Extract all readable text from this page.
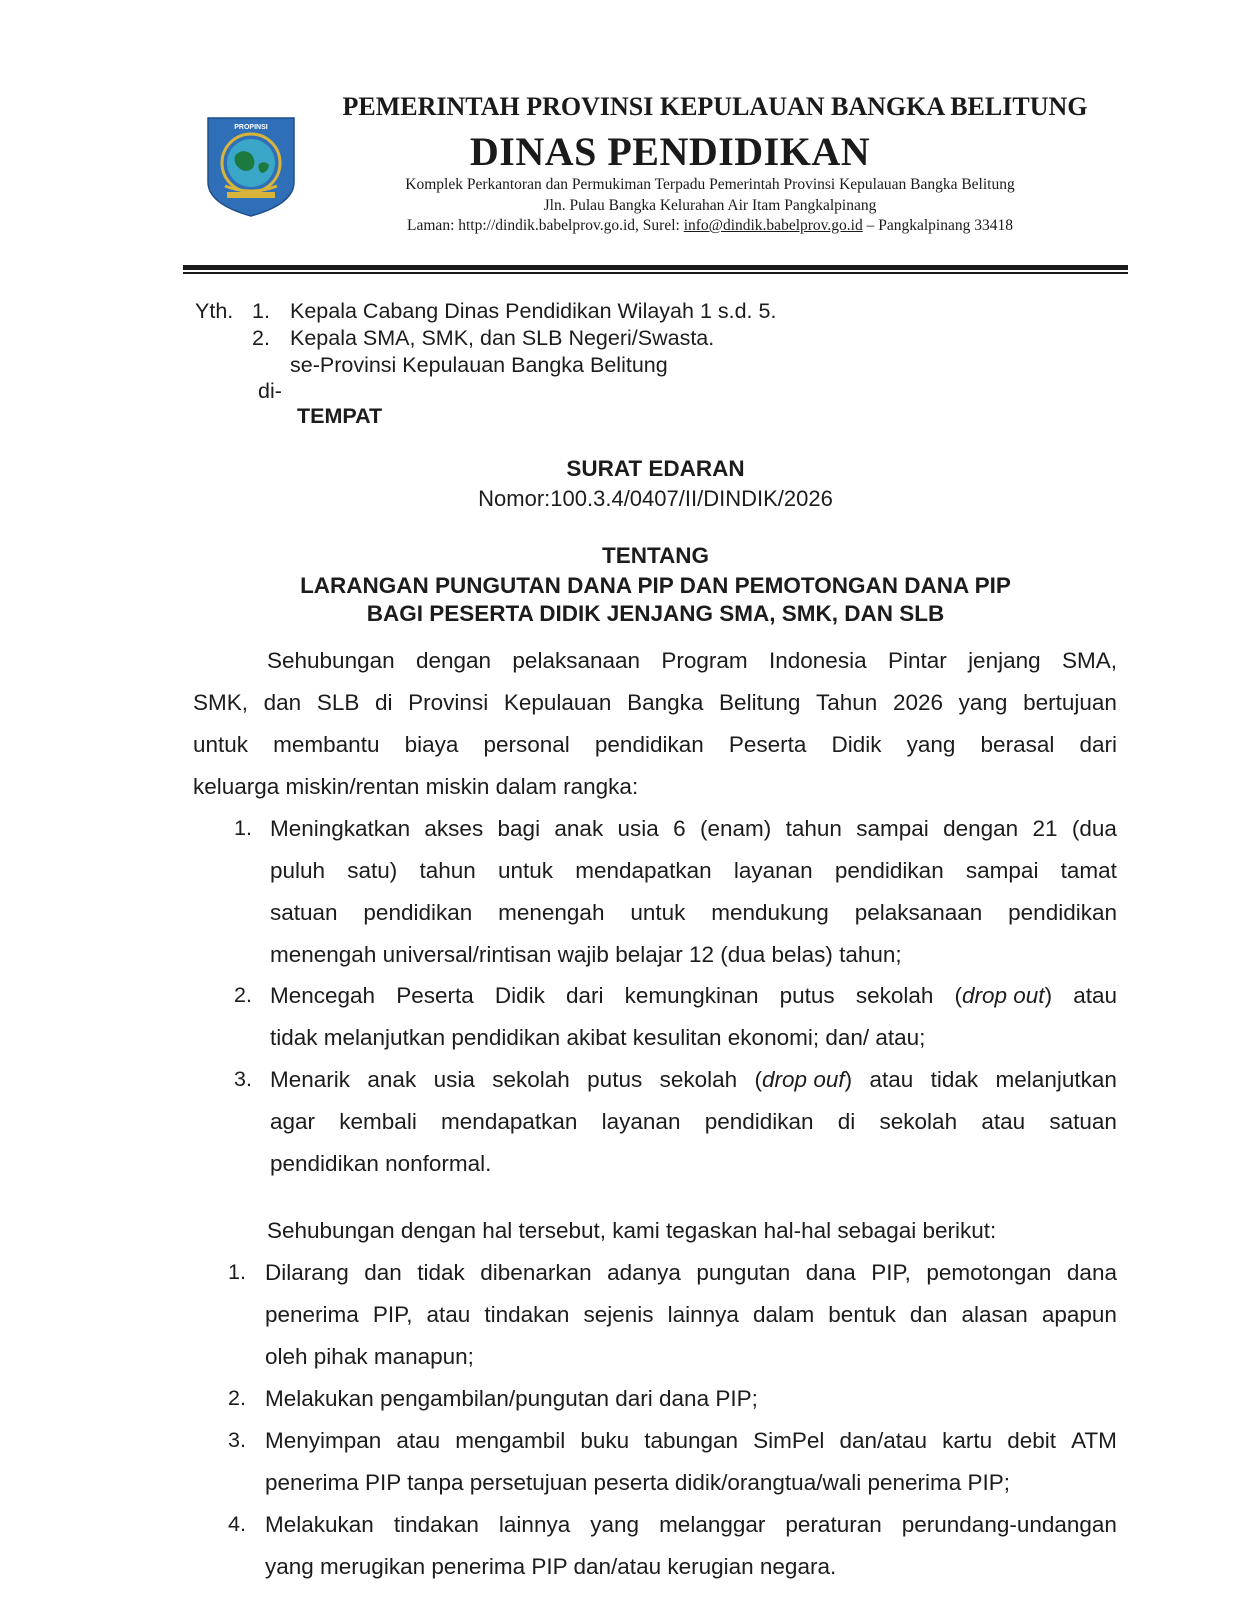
PROPINSI
PEMERINTAH PROVINSI KEPULAUAN BANGKA BELITUNG
DINAS PENDIDIKAN
Komplek Perkantoran dan Permukiman Terpadu Pemerintah Provinsi Kepulauan Bangka Belitung
Jln. Pulau Bangka Kelurahan Air Itam Pangkalpinang
Laman: http://dindik.babelprov.go.id, Surel: info@dindik.babelprov.go.id – Pangkalpinang 33418
Yth. 1. Kepala Cabang Dinas Pendidikan Wilayah 1 s.d. 5.
2. Kepala SMA, SMK, dan SLB Negeri/Swasta.
se-Provinsi Kepulauan Bangka Belitung
di-
TEMPAT
SURAT EDARAN
Nomor:100.3.4/0407/II/DINDIK/2026
TENTANG
LARANGAN PUNGUTAN DANA PIP DAN PEMOTONGAN DANA PIP
BAGI PESERTA DIDIK JENJANG SMA, SMK, DAN SLB
Sehubungan dengan pelaksanaan Program Indonesia Pintar jenjang SMA,
SMK, dan SLB di Provinsi Kepulauan Bangka Belitung Tahun 2026 yang bertujuan
untuk membantu biaya personal pendidikan Peserta Didik yang berasal dari
keluarga miskin/rentan miskin dalam rangka:
1. Meningkatkan akses bagi anak usia 6 (enam) tahun sampai dengan 21 (dua
puluh satu) tahun untuk mendapatkan layanan pendidikan sampai tamat
satuan pendidikan menengah untuk mendukung pelaksanaan pendidikan
menengah universal/rintisan wajib belajar 12 (dua belas) tahun;
2. Mencegah Peserta Didik dari kemungkinan putus sekolah (drop out) atau
tidak melanjutkan pendidikan akibat kesulitan ekonomi; dan/ atau;
3. Menarik anak usia sekolah putus sekolah (drop ouf) atau tidak melanjutkan
agar kembali mendapatkan layanan pendidikan di sekolah atau satuan
pendidikan nonformal.
Sehubungan dengan hal tersebut, kami tegaskan hal-hal sebagai berikut:
1. Dilarang dan tidak dibenarkan adanya pungutan dana PIP, pemotongan dana
penerima PIP, atau tindakan sejenis lainnya dalam bentuk dan alasan apapun
oleh pihak manapun;
2. Melakukan pengambilan/pungutan dari dana PIP;
3. Menyimpan atau mengambil buku tabungan SimPel dan/atau kartu debit ATM
penerima PIP tanpa persetujuan peserta didik/orangtua/wali penerima PIP;
4. Melakukan tindakan lainnya yang melanggar peraturan perundang-undangan
yang merugikan penerima PIP dan/atau kerugian negara.
